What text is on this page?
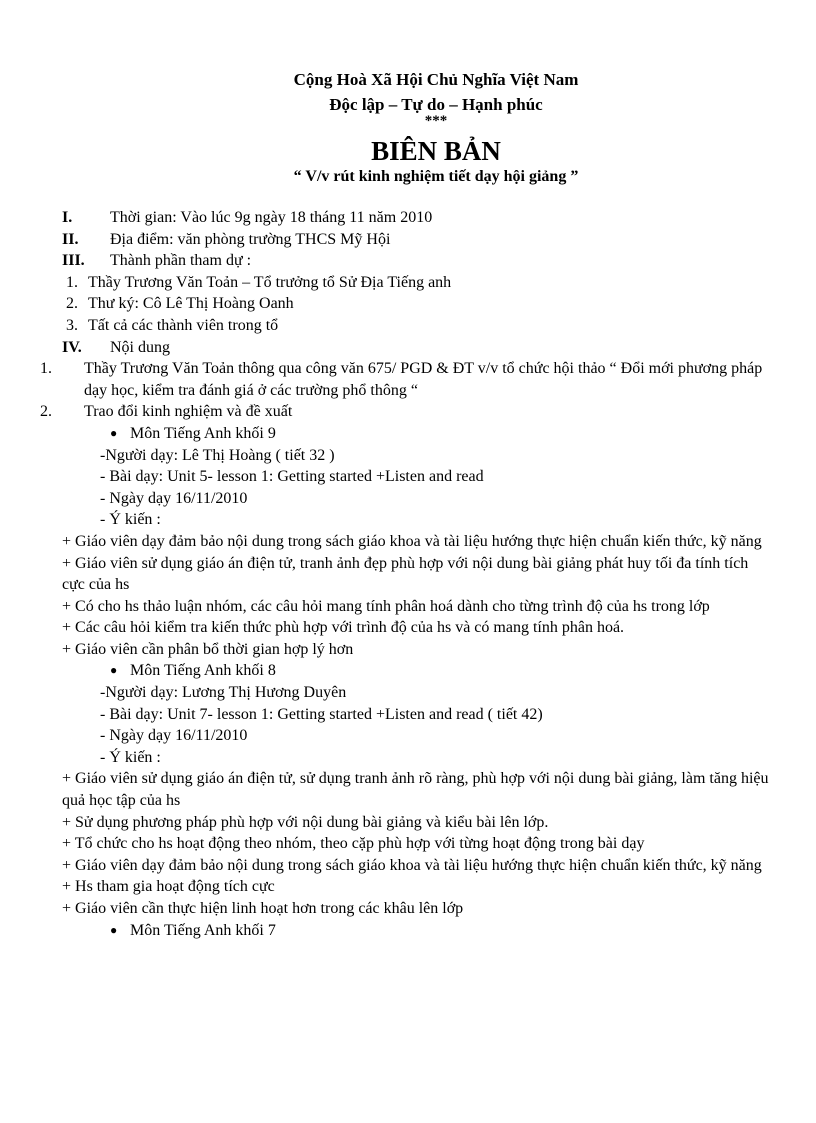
Cộng Hoà Xã Hội Chủ Nghĩa Việt Nam
Độc lập – Tự do – Hạnh phúc
***
BIÊN BẢN
“ V/v rút kinh nghiệm tiết dạy hội giảng ”
I. Thời gian: Vào lúc 9g ngày 18 tháng 11 năm 2010
II. Địa điểm: văn phòng trường THCS Mỹ Hội
III. Thành phần tham dự :
1. Thầy Trương Văn Toản – Tổ trưởng tổ Sử Địa Tiếng anh
2. Thư ký: Cô Lê Thị Hoàng Oanh
3. Tất cả các thành viên trong tổ
IV. Nội dung
1. Thầy Trương Văn Toản thông qua công văn 675/ PGD & ĐT v/v tổ chức hội thảo “ Đổi mới phương pháp dạy học, kiểm tra đánh giá ở các trường phổ thông “
2. Trao đổi kinh nghiệm và đề xuất
● Môn Tiếng Anh khối 9
-Người dạy: Lê Thị Hoàng ( tiết 32 )
- Bài dạy: Unit 5- lesson 1: Getting started +Listen and read
- Ngày dạy 16/11/2010
- Ý kiến :
+ Giáo viên dạy đảm bảo nội dung trong sách giáo khoa và tài liệu hướng thực hiện chuẩn kiến thức, kỹ năng
+ Giáo viên sử dụng giáo án điện tử, tranh ảnh đẹp phù hợp với nội dung bài giảng phát huy tối đa tính tích cực của hs
+ Có cho hs thảo luận nhóm, các câu hỏi mang tính phân hoá dành cho từng trình độ của hs trong lớp
+ Các câu hỏi kiểm tra kiến thức phù hợp với trình độ của hs và có mang tính phân hoá.
+ Giáo viên cần phân bổ thời gian hợp lý hơn
● Môn Tiếng Anh khối 8
-Người dạy: Lương Thị Hương Duyên
- Bài dạy: Unit 7- lesson 1: Getting started +Listen and read ( tiết 42)
- Ngày dạy 16/11/2010
- Ý kiến :
+ Giáo viên sử dụng giáo án điện tử, sử dụng tranh ảnh rõ ràng, phù hợp với nội dung bài giảng, làm tăng hiệu quả học tập của hs
+ Sử dụng phương pháp phù hợp với nội dung bài giảng và kiểu bài lên lớp.
+ Tổ chức cho hs hoạt động theo nhóm, theo cặp phù hợp với từng hoạt động trong bài dạy
+ Giáo viên dạy đảm bảo nội dung trong sách giáo khoa và tài liệu hướng thực hiện chuẩn kiến thức, kỹ năng
+ Hs tham gia hoạt động tích cực
+ Giáo viên cần thực hiện linh hoạt hơn trong các khâu lên lớp
● Môn Tiếng Anh khối 7
